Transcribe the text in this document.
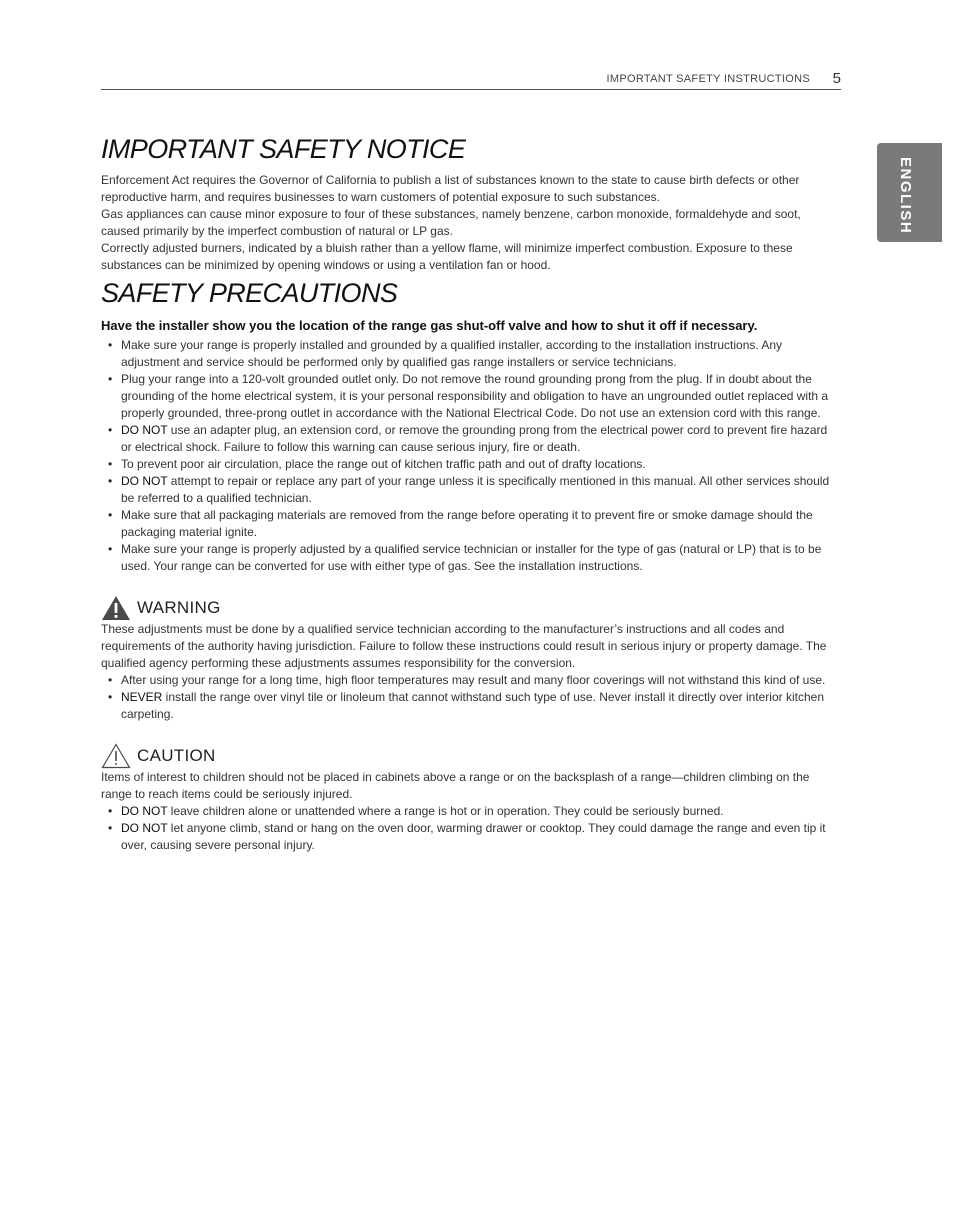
IMPORTANT SAFETY INSTRUCTIONS 5
ENGLISH
IMPORTANT SAFETY NOTICE

Enforcement Act requires the Governor of California to publish a list of substances known to the state to cause birth defects or other reproductive harm, and requires businesses to warn customers of potential exposure to such substances.

Gas appliances can cause minor exposure to four of these substances, namely benzene, carbon monoxide, formaldehyde and soot, caused primarily by the imperfect combustion of natural or LP gas.

Correctly adjusted burners, indicated by a bluish rather than a yellow flame, will minimize imperfect combustion. Exposure to these substances can be minimized by opening windows or using a ventilation fan or hood.

SAFETY PRECAUTIONS

Have the installer show you the location of the range gas shut-off valve and how to shut it off if necessary.

• Make sure your range is properly installed and grounded by a qualified installer, according to the installation instructions. Any adjustment and service should be performed only by qualified gas range installers or service technicians.
• Plug your range into a 120-volt grounded outlet only. Do not remove the round grounding prong from the plug. If in doubt about the grounding of the home electrical system, it is your personal responsibility and obligation to have an ungrounded outlet replaced with a properly grounded, three-prong outlet in accordance with the National Electrical Code. Do not use an extension cord with this range.
• DO NOT use an adapter plug, an extension cord, or remove the grounding prong from the electrical power cord to prevent fire hazard or electrical shock. Failure to follow this warning can cause serious injury, fire or death.
• To prevent poor air circulation, place the range out of kitchen traffic path and out of drafty locations.
• DO NOT attempt to repair or replace any part of your range unless it is specifically mentioned in this manual. All other services should be referred to a qualified technician.
• Make sure that all packaging materials are removed from the range before operating it to prevent fire or smoke damage should the packaging material ignite.
• Make sure your range is properly adjusted by a qualified service technician or installer for the type of gas (natural or LP) that is to be used. Your range can be converted for use with either type of gas. See the installation instructions.
WARNING

These adjustments must be done by a qualified service technician according to the manufacturer’s instructions and all codes and requirements of the authority having jurisdiction. Failure to follow these instructions could result in serious injury or property damage. The qualified agency performing these adjustments assumes responsibility for the conversion.

• After using your range for a long time, high floor temperatures may result and many floor coverings will not withstand this kind of use.
• NEVER install the range over vinyl tile or linoleum that cannot withstand such type of use. Never install it directly over interior kitchen carpeting.
CAUTION

Items of interest to children should not be placed in cabinets above a range or on the backsplash of a range—children climbing on the range to reach items could be seriously injured.

• DO NOT leave children alone or unattended where a range is hot or in operation. They could be seriously burned.
• DO NOT let anyone climb, stand or hang on the oven door, warming drawer or cooktop. They could damage the range and even tip it over, causing severe personal injury.
